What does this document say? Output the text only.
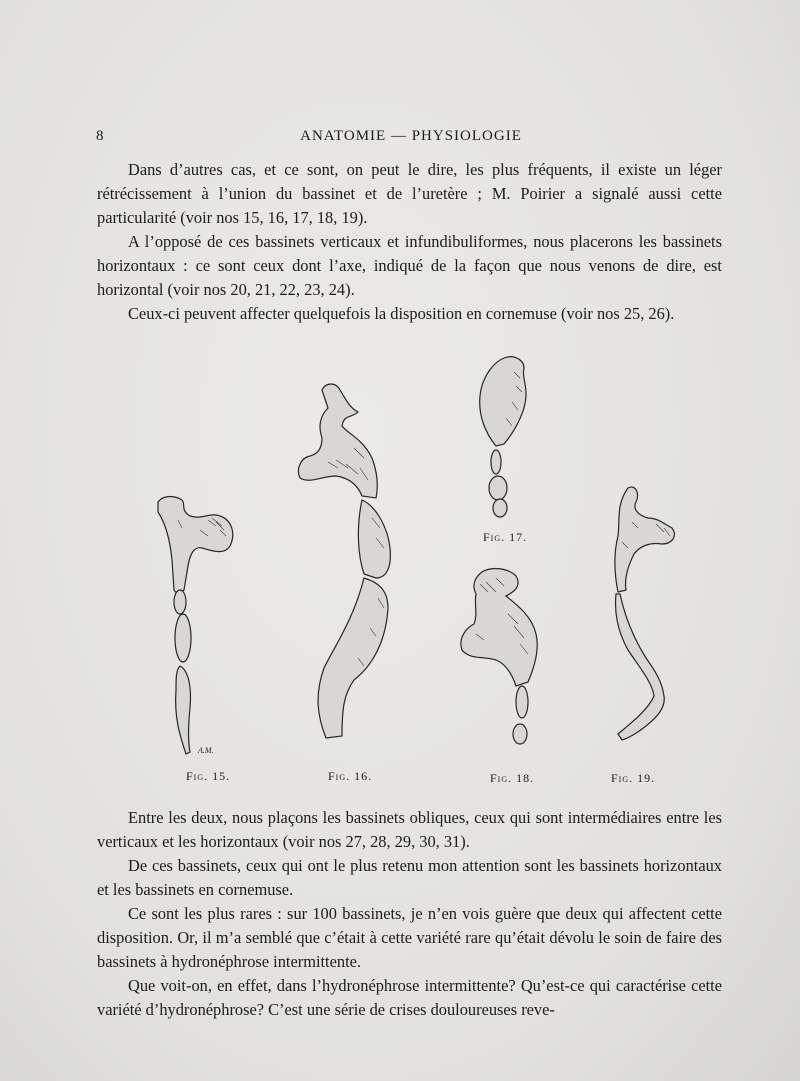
8	ANATOMIE — PHYSIOLOGIE

Dans d’autres cas, et ce sont, on peut le dire, les plus fréquents, il existe un léger rétrécissement à l’union du bassinet et de l’uretère ; M. Poirier a signalé aussi cette particularité (voir nos 15, 16, 17, 18, 19).

A l’opposé de ces bassinets verticaux et infundibuliformes, nous placerons les bassinets horizontaux : ce sont ceux dont l’axe, indiqué de la façon que nous venons de dire, est horizontal (voir nos 20, 21, 22, 23, 24).

Ceux-ci peuvent affecter quelquefois la disposition en cornemuse (voir nos 25, 26).

A.M.
Fig. 15.	Fig. 16.
Fig. 17.
Fig. 18.	Fig. 19.

Entre les deux, nous plaçons les bassinets obliques, ceux qui sont intermédiaires entre les verticaux et les horizontaux (voir nos 27, 28, 29, 30, 31).

De ces bassinets, ceux qui ont le plus retenu mon attention sont les bassinets horizontaux et les bassinets en cornemuse.

Ce sont les plus rares : sur 100 bassinets, je n’en vois guère que deux qui affectent cette disposition. Or, il m’a semblé que c’était à cette variété rare qu’était dévolu le soin de faire des bassinets à hydronéphrose intermittente.

Que voit-on, en effet, dans l’hydronéphrose intermittente? Qu’est-ce qui caractérise cette variété d’hydronéphrose? C’est une série de crises douloureuses reve-
